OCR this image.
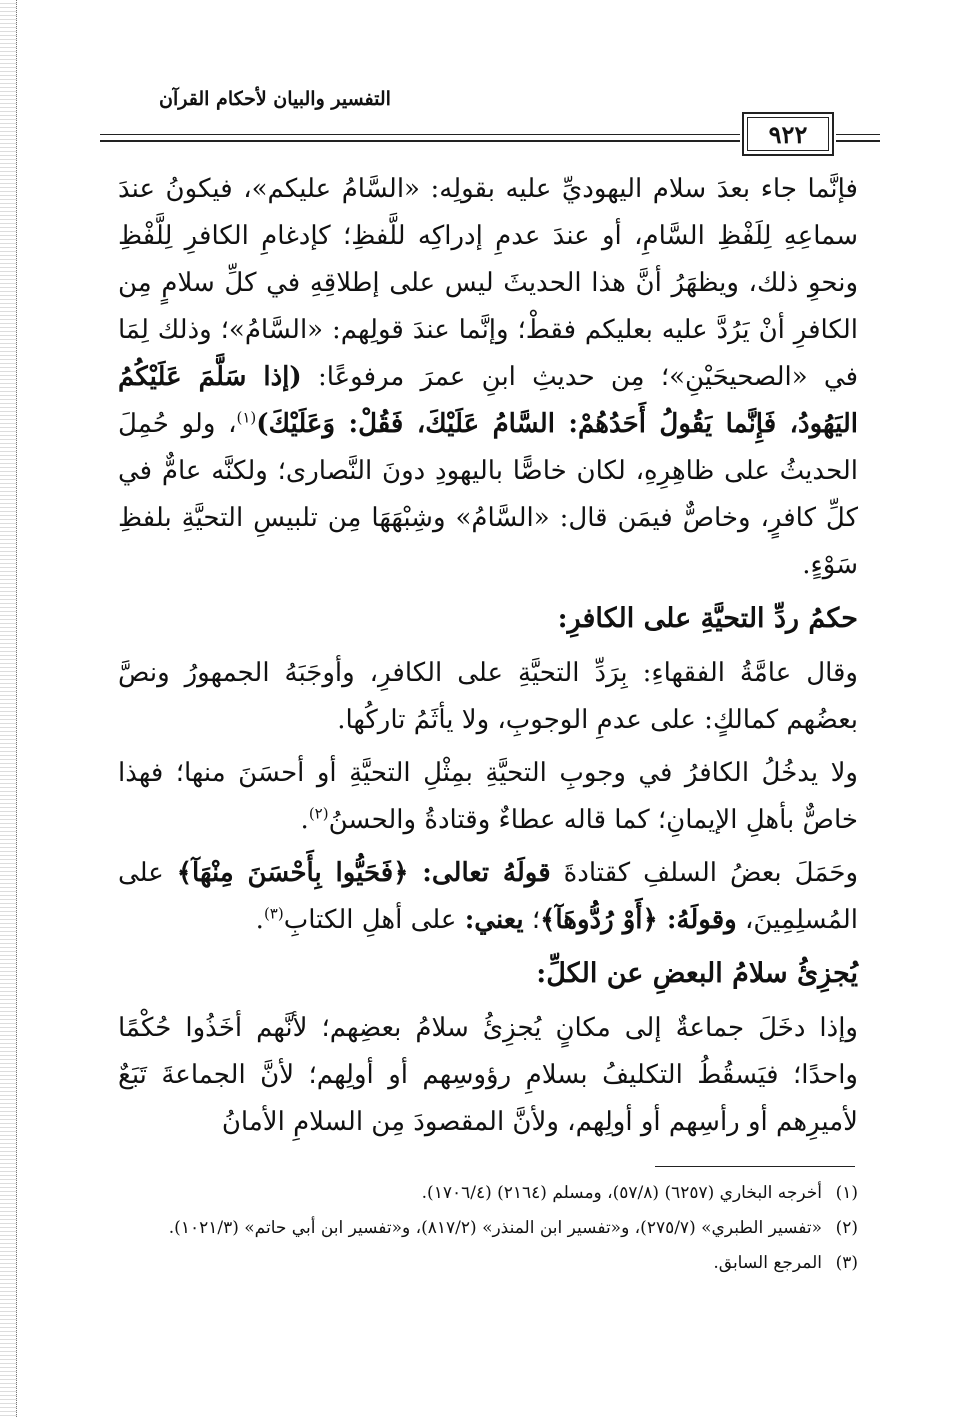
التفسير والبيان لأحكام القرآن
٩٢٢

فإنَّما جاء بعدَ سلام اليهوديِّ عليه بقولِه: «السَّامُ عليكم»، فيكونُ عندَ سماعِهِ لِلَفْظِ السَّامِ، أو عندَ عدمِ إدراكِه للَّفظِ؛ كإدغامِ الكافرِ لِلَّفْظِ ونحوِ ذلك، ويظهَرُ أنَّ هذا الحديثَ ليس على إطلاقِهِ في كلِّ سلامٍ مِن الكافرِ أنْ يَرُدَّ عليه بعليكم فقطْ؛ وإنَّما عندَ قولِهم: «السَّامُ»؛ وذلك لِمَا في «الصحيحَيْنِ»؛ مِن حديثِ ابنِ عمرَ مرفوعًا: (إذا سَلَّمَ عَلَيْكُمُ اليَهُودُ، فَإِنَّما يَقُولُ أَحَدُهُمْ: السَّامُ عَلَيْكَ، فَقُلْ: وَعَلَيْكَ)$^{(١)}$، ولو حُمِلَ الحديثُ على ظاهِرِهِ، لكان خاصًّا باليهودِ دونَ النَّصارى؛ ولكنَّه عامٌّ في كلِّ كافرٍ، وخاصٌّ فيمَن قال: «السَّامُ» وشِبْهَهَا مِن تلبيسِ التحيَّةِ بلفظِ سَوْءٍ.

حكمُ ردِّ التحيَّةِ على الكافرِ:

وقال عامَّةُ الفقهاءِ: بِرَدِّ التحيَّةِ على الكافرِ، وأوجَبَهُ الجمهورُ ونصَّ بعضُهم كمالكٍ: على عدمِ الوجوبِ، ولا يأثَمُ تاركُها.

ولا يدخُلُ الكافرُ في وجوبِ التحيَّةِ بمِثْلِ التحيَّةِ أو أحسَنَ منها؛ فهذا خاصٌّ بأهلِ الإيمانِ؛ كما قاله عطاءٌ وقتادةُ والحسنُ$^{(٢)}$.

وحَمَلَ بعضُ السلفِ كقتادةَ قولَهُ تعالى: ﴿فَحَيُّوا بِأَحْسَنَ مِنْهَآ﴾ على المُسلِمِينَ، وقولَهُ: ﴿أَوْ رُدُّوهَآ﴾؛ يعني: على أهلِ الكتابِ$^{(٣)}$.

يُجزِئُ سلامُ البعضِ عن الكلِّ:

وإذا دخَلَ جماعةٌ إلى مكانٍ يُجزِئُ سلامُ بعضِهم؛ لأنَّهم أخَذُوا حُكْمًا واحدًا؛ فيَسقُطُ التكليفُ بسلامِ رؤوسِهم أو أولِهم؛ لأنَّ الجماعةَ تَبَعٌ لأميرِهم أو رأسِهم أو أولِهم، ولأنَّ المقصودَ مِن السلامِ الأمانُ

(١)أخرجه البخاري (٦٢٥٧) (٥٧/٨)، ومسلم (٢١٦٤) (١٧٠٦/٤).

(٢)«تفسير الطبري» (٢٧٥/٧)، و«تفسير ابن المنذر» (٨١٧/٢)، و«تفسير ابن أبي حاتم» (١٠٢١/٣).

(٣)المرجع السابق.
